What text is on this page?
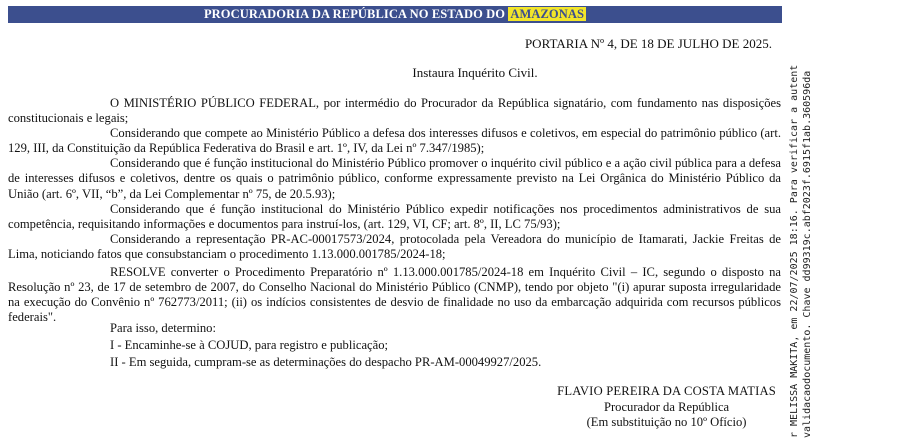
PROCURADORIA DA REPÚBLICA NO ESTADO DO AMAZONAS
PORTARIA Nº 4, DE 18 DE JULHO DE 2025.
Instaura Inquérito Civil.

O MINISTÉRIO PÚBLICO FEDERAL, por intermédio do Procurador da República signatário, com fundamento nas disposições constitucionais e legais;

Considerando que compete ao Ministério Público a defesa dos interesses difusos e coletivos, em especial do patrimônio público (art. 129, III, da Constituição da República Federativa do Brasil e art. 1º, IV, da Lei nº 7.347/1985);

Considerando que é função institucional do Ministério Público promover o inquérito civil público e a ação civil pública para a defesa de interesses difusos e coletivos, dentre os quais o patrimônio público, conforme expressamente previsto na Lei Orgânica do Ministério Público da União (art. 6º, VII, “b”, da Lei Complementar nº 75, de 20.5.93);

Considerando que é função institucional do Ministério Público expedir notificações nos procedimentos administrativos de sua competência, requisitando informações e documentos para instruí-los, (art. 129, VI, CF; art. 8º, II, LC 75/93);

Considerando a representação PR-AC-00017573/2024, protocolada pela Vereadora do município de Itamarati, Jackie Freitas de Lima, noticiando fatos que consubstanciam o procedimento 1.13.000.001785/2024-18;

RESOLVE converter o Procedimento Preparatório nº 1.13.000.001785/2024-18 em Inquérito Civil – IC, segundo o disposto na Resolução nº 23, de 17 de setembro de 2007, do Conselho Nacional do Ministério Público (CNMP), tendo por objeto "(i) apurar suposta irregularidade na execução do Convênio nº 762773/2011; (ii) os indícios consistentes de desvio de finalidade no uso da embarcação adquirida com recursos públicos federais".

Para isso, determino:
I - Encaminhe-se à COJUD, para registro e publicação;
II - Em seguida, cumpram-se as determinações do despacho PR-AM-00049927/2025.
FLAVIO PEREIRA DA COSTA MATIAS
Procurador da República
(Em substituição no 10º Ofício)	r MELISSA MAKITA, em 22/07/2025 18:16. Para verificar a autent validacaodocumento. Chave dd99319c.abf2023f.6915f1ab.360596da
